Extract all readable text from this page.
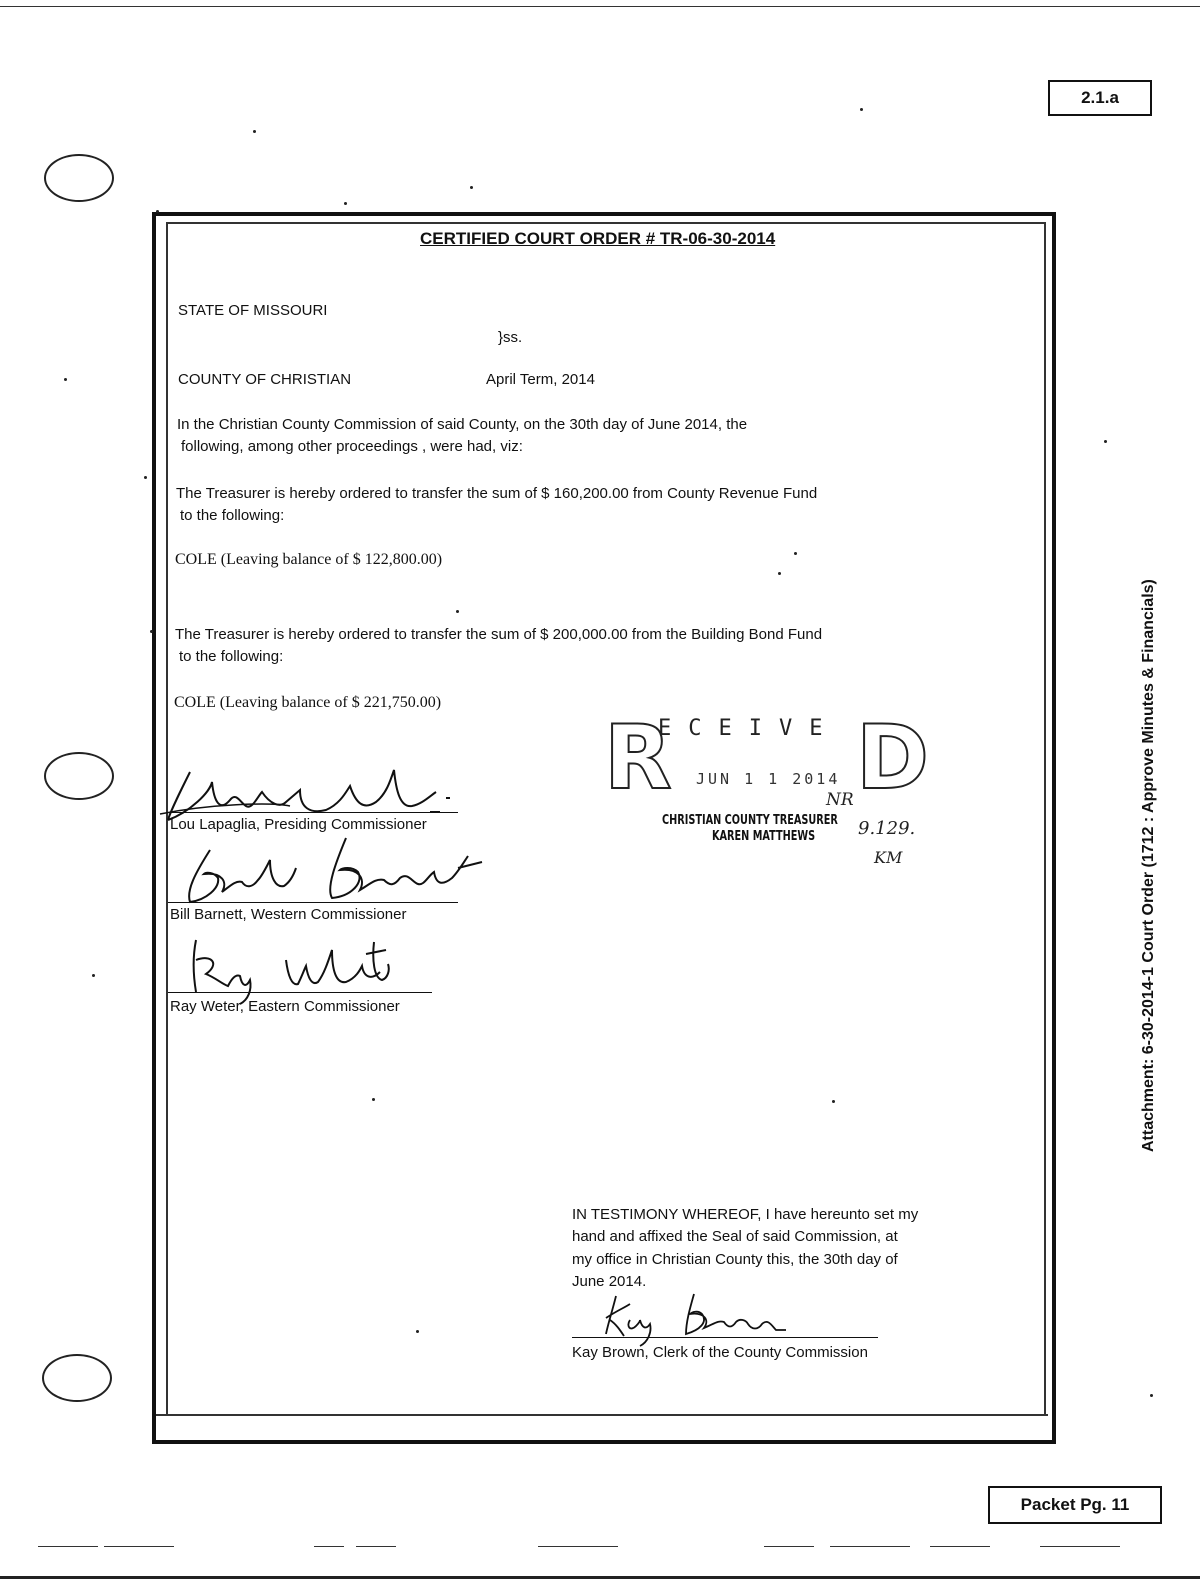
2.1.a
CERTIFIED COURT ORDER # TR-06-30-2014
STATE OF MISSOURI
}ss.
COUNTY OF CHRISTIAN	April Term, 2014
In the Christian County Commission of said County, on the 30th day of June 2014, the
following, among other proceedings , were had, viz:
The Treasurer is hereby ordered to transfer the sum of $ 160,200.00 from County Revenue Fund
to the following:
COLE (Leaving balance of $ 122,800.00)
The Treasurer is hereby ordered to transfer the sum of $ 200,000.00 from the Building Bond Fund
to the following:
COLE (Leaving balance of $ 221,750.00)
R
ECEIVE D
JUN 1 1 2014
CHRISTIAN COUNTY TREASURER
KAREN MATTHEWS
NR
9.129.
KM
Lou Lapaglia, Presiding Commissioner
Bill Barnett, Western Commissioner
Ray Weter, Eastern Commissioner
IN TESTIMONY WHEREOF, I have hereunto set my
hand and affixed the Seal of said Commission, at
my office in Christian County this, the 30th day of
June 2014.
Kay Brown, Clerk of the County Commission
Attachment: 6-30-2014-1 Court Order (1712 : Approve Minutes & Financials)
Packet Pg. 11
